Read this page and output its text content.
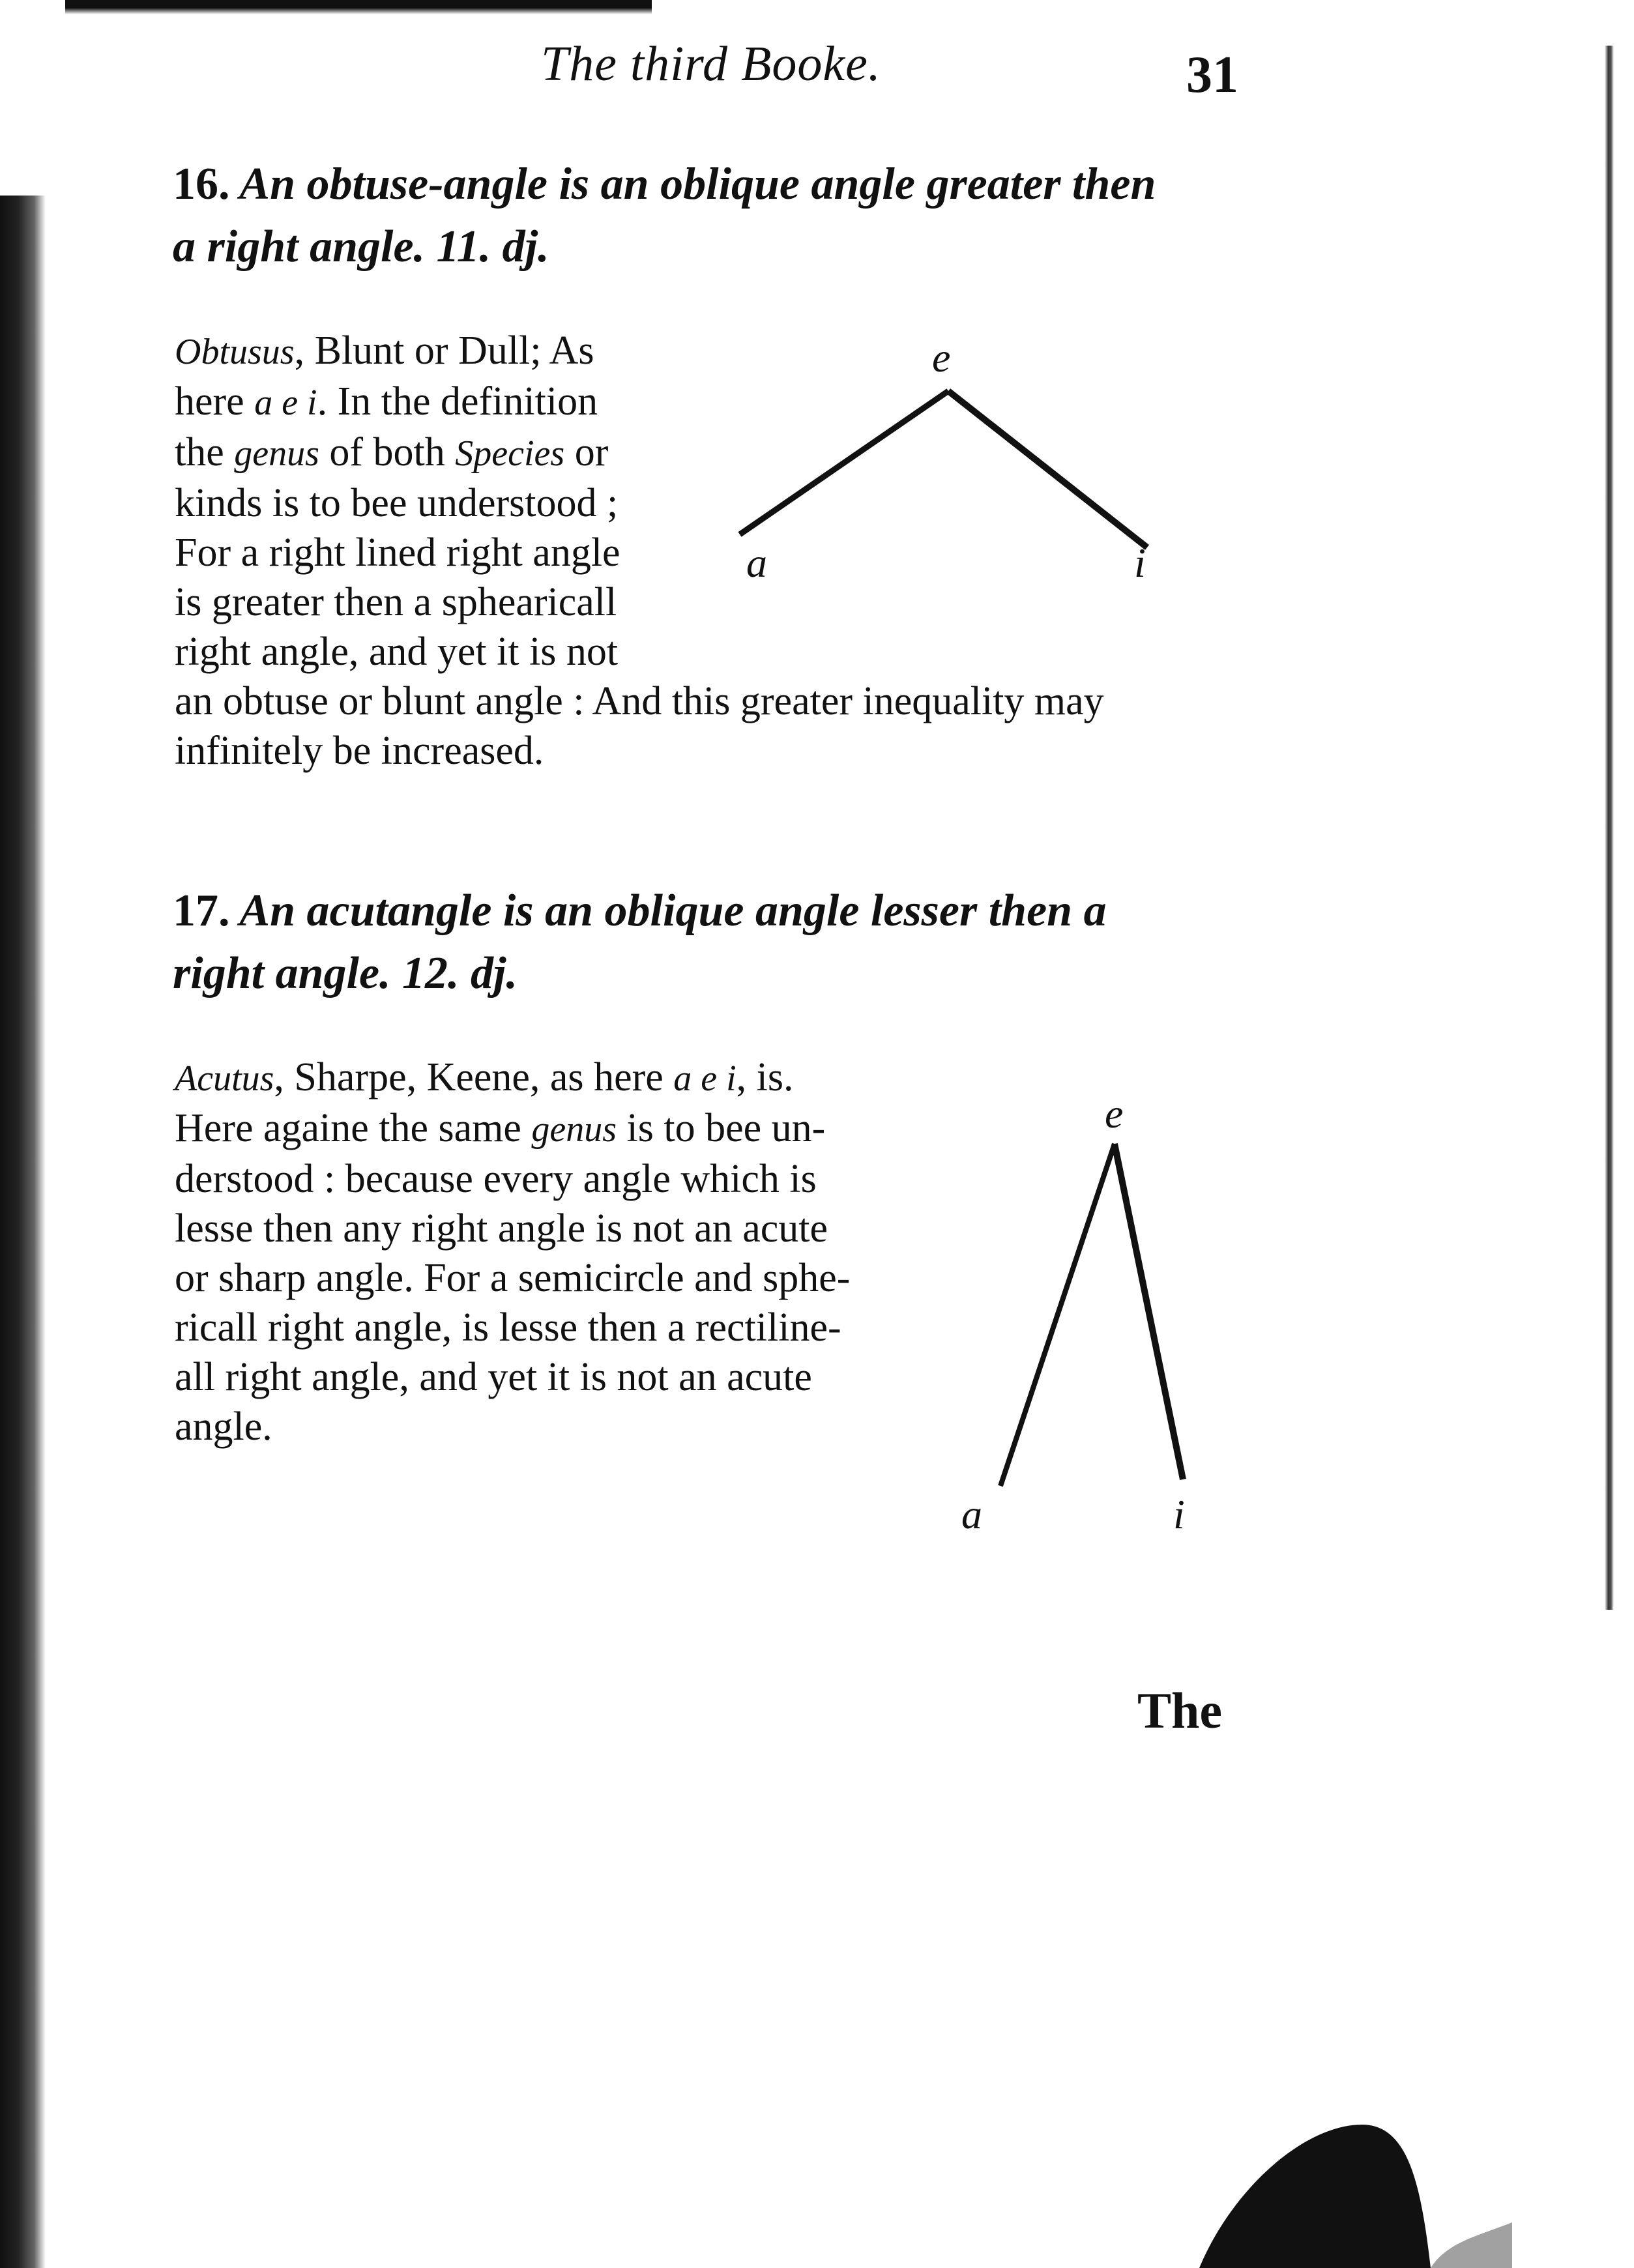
The third Booke.	31
16. An obtuse-angle is an oblique angle greater then
a right angle. 11. dj.
Obtusus, Blunt or Dull; As
here a e i. In the definition
the genus of both Species or
kinds is to bee understood ;
For a right lined right angle
is greater then a sphearicall
right angle, and yet it is not
an obtuse or blunt angle : And this greater inequality may
infinitely be increased.
e
a	i
17. An acutangle is an oblique angle lesser then a
right angle. 12. dj.
Acutus, Sharpe, Keene, as here a e i, is.
Here againe the same genus is to bee un-
derstood : because every angle which is
lesse then any right angle is not an acute
or sharp angle. For a semicircle and sphe-
ricall right angle, is lesse then a rectiline-
all right angle, and yet it is not an acute
angle.
e
a	i
The
